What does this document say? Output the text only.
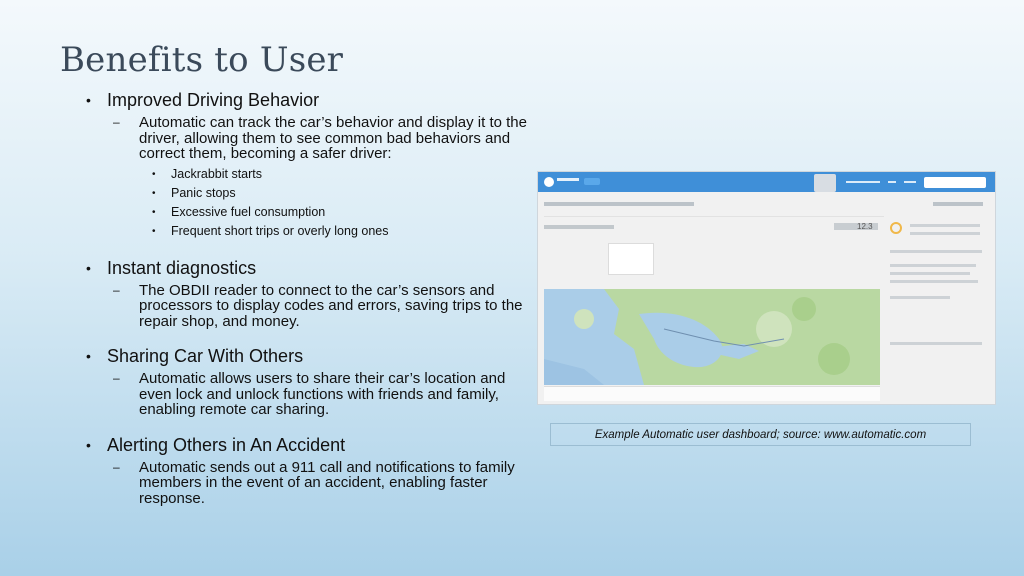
Benefits to User

• Improved Driving Behavior

– Automatic can track the car’s behavior and display it to the driver, allowing them to see common bad behaviors and correct them, becoming a safer driver:

• Jackrabbit starts

• Panic stops

• Excessive fuel consumption

• Frequent short trips or overly long ones

• Instant diagnostics

– The OBDII reader to connect to the car’s sensors and processors to display codes and errors, saving trips to the repair shop, and money.

• Sharing Car With Others

– Automatic allows users to share their car’s location and even lock and unlock functions with friends and family, enabling remote car sharing.

• Alerting Others in An Accident

– Automatic sends out a 911 call and notifications to family members in the event of an accident, enabling faster response.

12.3
Example Automatic user dashboard; source: www.automatic.com
